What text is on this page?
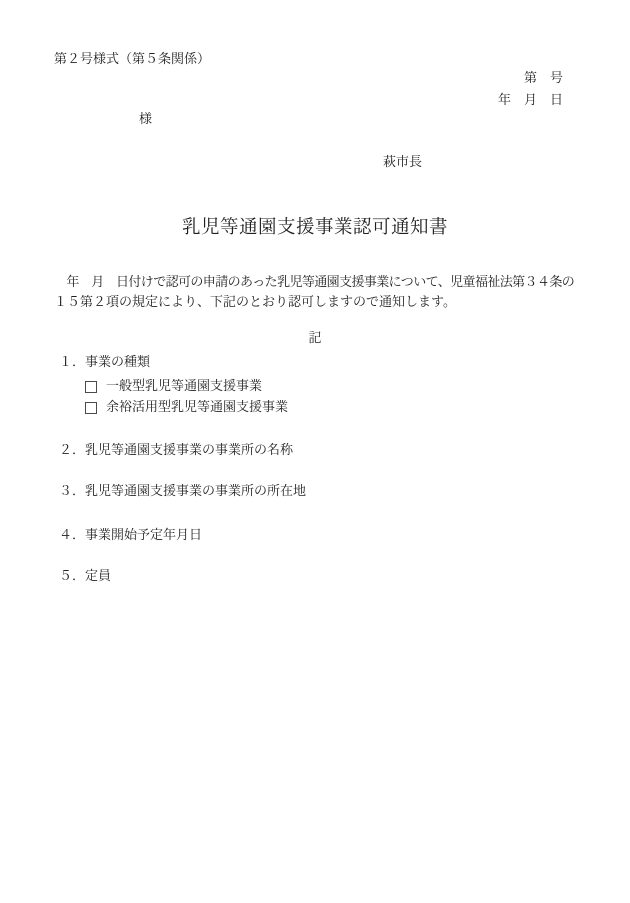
第２号様式（第５条関係）
第　号
年　月　日
様
萩市長
乳児等通園支援事業認可通知書

　年　月　日付けで認可の申請のあった乳児等通園支援事業について、児童福祉法第３４条の

１５第２項の規定により、下記のとおり認可しますので通知します。

記
１．事業の種類
一般型乳児等通園支援事業
余裕活用型乳児等通園支援事業
２．乳児等通園支援事業の事業所の名称
３．乳児等通園支援事業の事業所の所在地
４．事業開始予定年月日
５．定員
